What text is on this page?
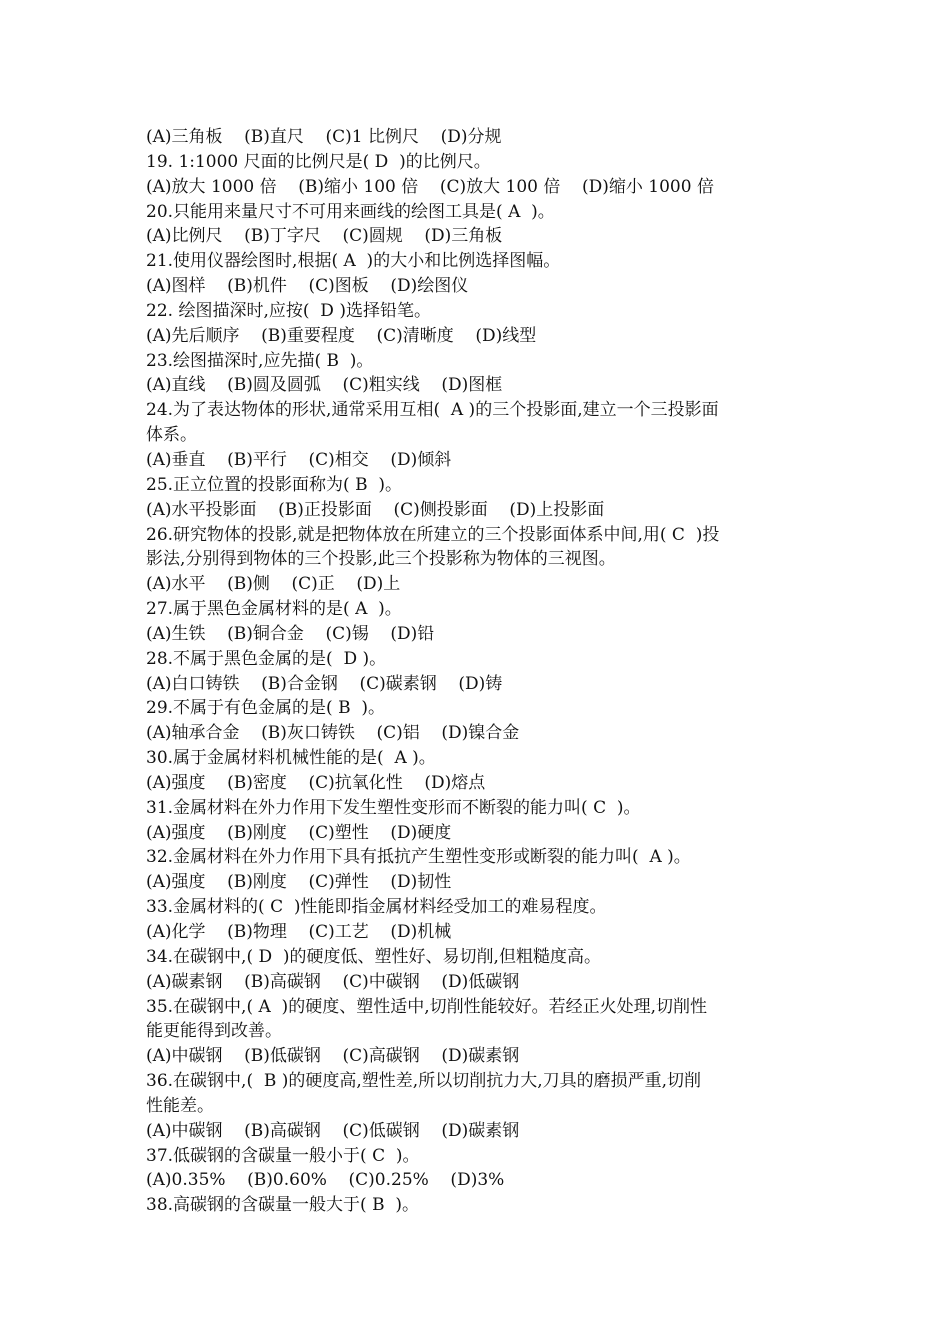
(A)三角板    (B)直尺    (C)1 比例尺    (D)分规
19. 1:1000 尺面的比例尺是( D  )的比例尺。
(A)放大 1000 倍    (B)缩小 100 倍    (C)放大 100 倍    (D)缩小 1000 倍
20.只能用来量尺寸不可用来画线的绘图工具是( A  )。
(A)比例尺    (B)丁字尺    (C)圆规    (D)三角板
21.使用仪器绘图时,根据( A  )的大小和比例选择图幅。
(A)图样    (B)机件    (C)图板    (D)绘图仪
22. 绘图描深时,应按(  D )选择铅笔。
(A)先后顺序    (B)重要程度    (C)清晰度    (D)线型
23.绘图描深时,应先描( B  )。
(A)直线    (B)圆及圆弧    (C)粗实线    (D)图框
24.为了表达物体的形状,通常采用互相(  A )的三个投影面,建立一个三投影面
体系。
(A)垂直    (B)平行    (C)相交    (D)倾斜
25.正立位置的投影面称为( B  )。
(A)水平投影面    (B)正投影面    (C)侧投影面    (D)上投影面
26.研究物体的投影,就是把物体放在所建立的三个投影面体系中间,用( C  )投
影法,分别得到物体的三个投影,此三个投影称为物体的三视图。
(A)水平    (B)侧    (C)正    (D)上
27.属于黑色金属材料的是( A  )。
(A)生铁    (B)铜合金    (C)锡    (D)铅
28.不属于黑色金属的是(  D )。
(A)白口铸铁    (B)合金钢    (C)碳素钢    (D)铸
29.不属于有色金属的是( B  )。
(A)轴承合金    (B)灰口铸铁    (C)铝    (D)镍合金
30.属于金属材料机械性能的是(  A )。
(A)强度    (B)密度    (C)抗氧化性    (D)熔点
31.金属材料在外力作用下发生塑性变形而不断裂的能力叫( C  )。
(A)强度    (B)刚度    (C)塑性    (D)硬度
32.金属材料在外力作用下具有抵抗产生塑性变形或断裂的能力叫(  A )。
(A)强度    (B)刚度    (C)弹性    (D)韧性
33.金属材料的( C  )性能即指金属材料经受加工的难易程度。
(A)化学    (B)物理    (C)工艺    (D)机械
34.在碳钢中,( D  )的硬度低、塑性好、易切削,但粗糙度高。
(A)碳素钢    (B)高碳钢    (C)中碳钢    (D)低碳钢
35.在碳钢中,( A  )的硬度、塑性适中,切削性能较好。若经正火处理,切削性
能更能得到改善。
(A)中碳钢    (B)低碳钢    (C)高碳钢    (D)碳素钢
36.在碳钢中,(  B )的硬度高,塑性差,所以切削抗力大,刀具的磨损严重,切削
性能差。
(A)中碳钢    (B)高碳钢    (C)低碳钢    (D)碳素钢
37.低碳钢的含碳量一般小于( C  )。
(A)0.35%    (B)0.60%    (C)0.25%    (D)3%
38.高碳钢的含碳量一般大于( B  )。
